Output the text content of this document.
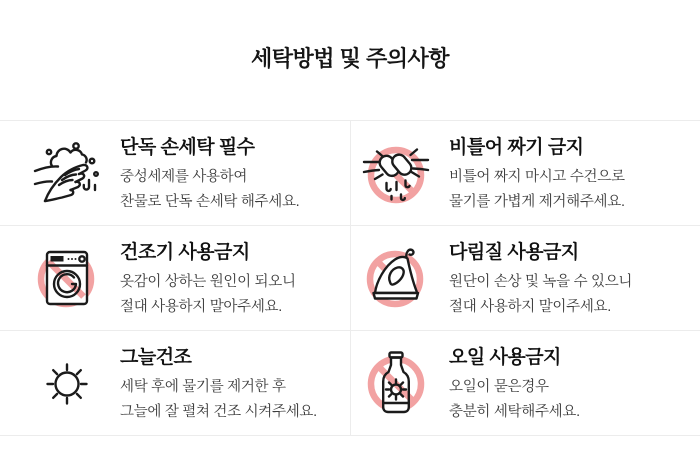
세탁방법 및 주의사항
단독 손세탁 필수

중성세제를 사용하여

찬물로 단독 손세탁 해주세요.

비틀어 짜기 금지

비틀어 짜지 마시고 수건으로

물기를 가볍게 제거해주세요.

건조기 사용금지

옷감이 상하는 원인이 되오니

절대 사용하지 말아주세요.

다림질 사용금지

원단이 손상 및 녹을 수 있으니

절대 사용하지 말이주세요.

그늘건조

세탁 후에 물기를 제거한 후

그늘에 잘 펼쳐 건조 시켜주세요.

오일 사용금지

오일이 묻은경우

충분히 세탁해주세요.
